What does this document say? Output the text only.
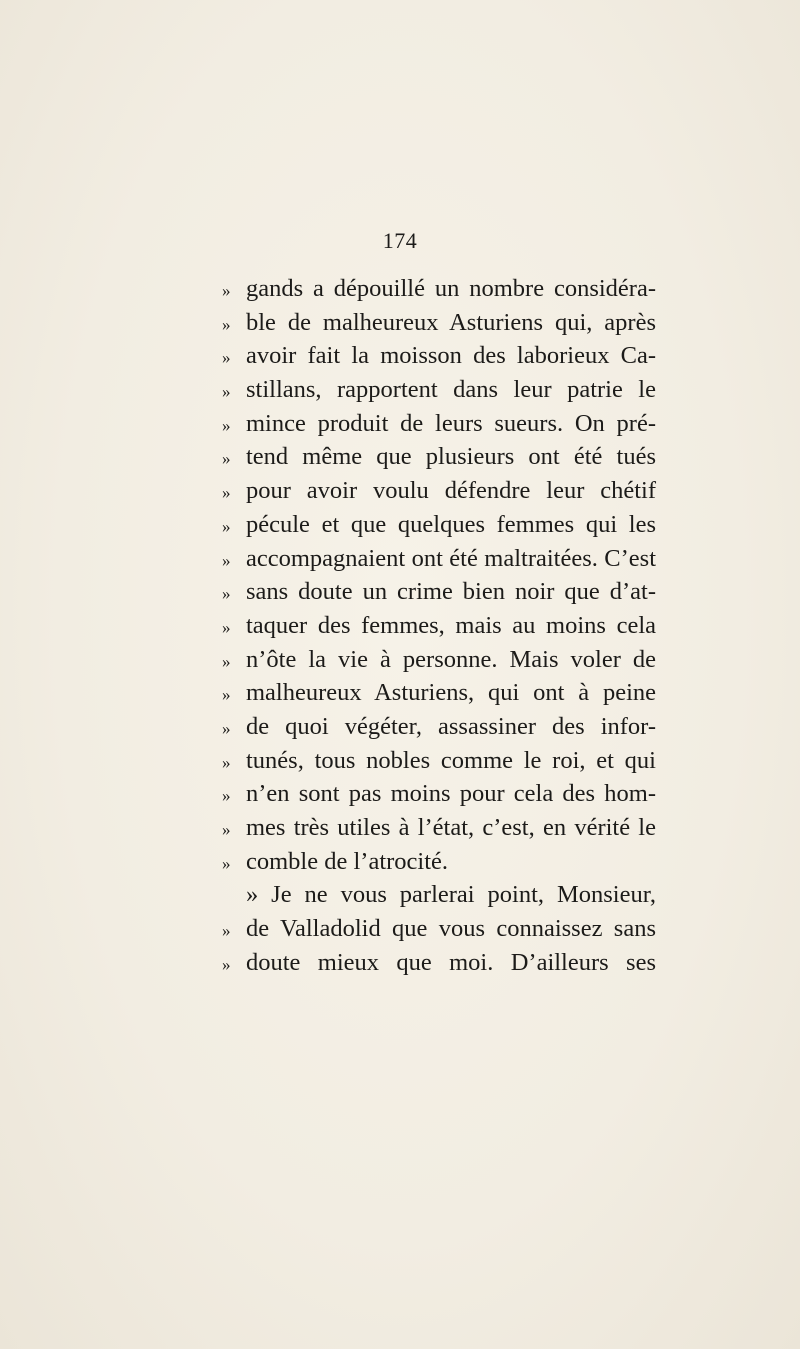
174
» gands a dépouillé un nombre considéra-
» ble de malheureux Asturiens qui, après
» avoir fait la moisson des laborieux Ca-
» stillans, rapportent dans leur patrie le
» mince produit de leurs sueurs. On pré-
» tend même que plusieurs ont été tués
» pour avoir voulu défendre leur chétif
» pécule et que quelques femmes qui les
» accompagnaient ont été maltraitées. C’est
» sans doute un crime bien noir que d’at-
» taquer des femmes, mais au moins cela
» n’ôte la vie à personne. Mais voler de
» malheureux Asturiens, qui ont à peine
» de quoi végéter, assassiner des infor-
» tunés, tous nobles comme le roi, et qui
» n’en sont pas moins pour cela des hom-
» mes très utiles à l’état, c’est, en vérité le
» comble de l’atrocité.
» Je ne vous parlerai point, Monsieur,
» de Valladolid que vous connaissez sans
» doute mieux que moi. D’ailleurs ses
